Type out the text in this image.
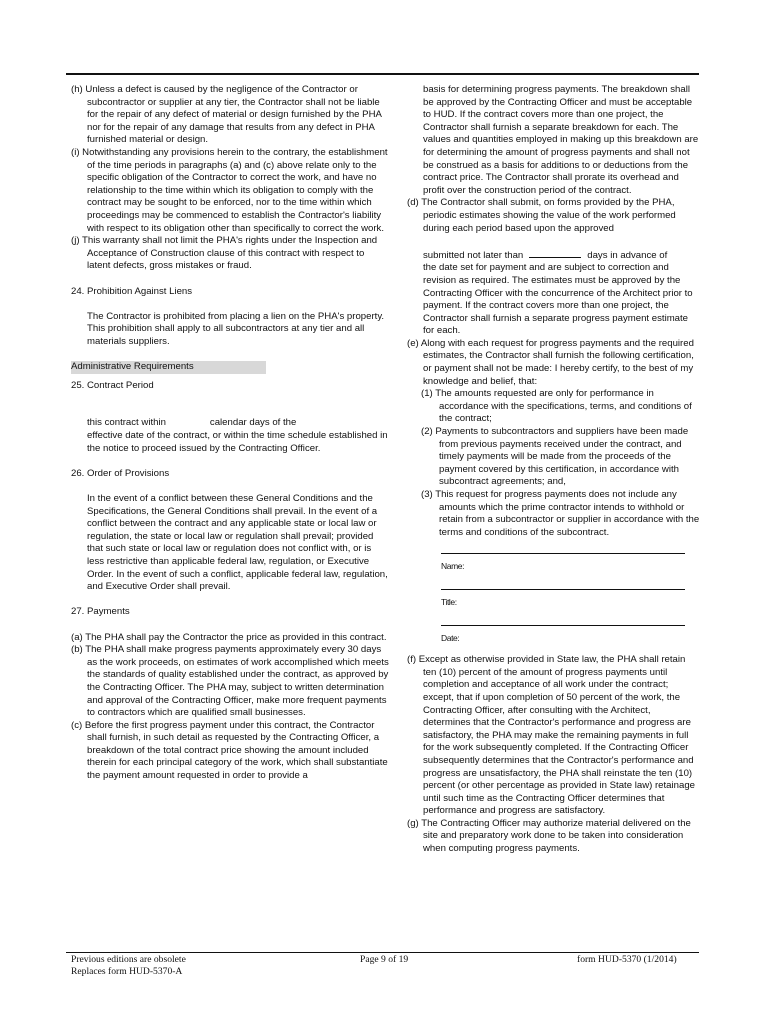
(h) Unless a defect is caused by the negligence of the Contractor or subcontractor or supplier at any tier, the Contractor shall not be liable for the repair of any defect of material or design furnished by the PHA nor for the repair of any damage that results from any defect in PHA furnished material or design.

(i) Notwithstanding any provisions herein to the contrary, the establishment of the time periods in paragraphs (a) and (c) above relate only to the specific obligation of the Contractor to correct the work, and have no relationship to the time within which its obligation to comply with the contract may be sought to be enforced, nor to the time within which proceedings may be commenced to establish the Contractor's liability with respect to its obligation other than specifically to correct the work.

(j) This warranty shall not limit the PHA's rights under the Inspection and Acceptance of Construction clause of this contract with respect to latent defects, gross mistakes or fraud.

24. Prohibition Against Liens

The Contractor is prohibited from placing a lien on the PHA's property. This prohibition shall apply to all subcontractors at any tier and all materials suppliers.

Administrative Requirements

25. Contract Period

this contract within	calendar days of the

effective date of the contract, or within the time schedule established in the notice to proceed issued by the Contracting Officer.

26. Order of Provisions

In the event of a conflict between these General Conditions and the Specifications, the General Conditions shall prevail. In the event of a conflict between the contract and any applicable state or local law or regulation, the state or local law or regulation shall prevail; provided that such state or local law or regulation does not conflict with, or is less restrictive than applicable federal law, regulation, or Executive Order. In the event of such a conflict, applicable federal law, regulation, and Executive Order shall prevail.

27. Payments

(a) The PHA shall pay the Contractor the price as provided in this contract.

(b) The PHA shall make progress payments approximately every 30 days as the work proceeds, on estimates of work accomplished which meets the standards of quality established under the contract, as approved by the Contracting Officer. The PHA may, subject to written determination and approval of the Contracting Officer, make more frequent payments to contractors which are qualified small businesses.

(c) Before the first progress payment under this contract, the Contractor shall furnish, in such detail as requested by the Contracting Officer, a breakdown of the total contract price showing the amount included therein for each principal category of the work, which shall substantiate the payment amount requested in order to provide a

basis for determining progress payments. The breakdown shall be approved by the Contracting Officer and must be acceptable to HUD. If the contract covers more than one project, the Contractor shall furnish a separate breakdown for each. The values and quantities employed in making up this breakdown are for determining the amount of progress payments and shall not be construed as a basis for additions to or deductions from the contract price. The Contractor shall prorate its overhead and profit over the construction period of the contract.

(d) The Contractor shall submit, on forms provided by the PHA, periodic estimates showing the value of the work performed during each period based upon the approved

submitted not later than	days in advance of

the date set for payment and are subject to correction and revision as required. The estimates must be approved by the Contracting Officer with the concurrence of the Architect prior to payment. If the contract covers more than one project, the Contractor shall furnish a separate progress payment estimate for each.

(e) Along with each request for progress payments and the required estimates, the Contractor shall furnish the following certification, or payment shall not be made: I hereby certify, to the best of my knowledge and belief, that:

(1) The amounts requested are only for performance in accordance with the specifications, terms, and conditions of the contract;

(2) Payments to subcontractors and suppliers have been made from previous payments received under the contract, and timely payments will be made from the proceeds of the payment covered by this certification, in accordance with subcontract agreements; and,

(3) This request for progress payments does not include any amounts which the prime contractor intends to withhold or retain from a subcontractor or supplier in accordance with the terms and conditions of the subcontract.

Name:
Title:
Date:

(f) Except as otherwise provided in State law, the PHA shall retain ten (10) percent of the amount of progress payments until completion and acceptance of all work under the contract; except, that if upon completion of 50 percent of the work, the Contracting Officer, after consulting with the Architect, determines that the Contractor's performance and progress are satisfactory, the PHA may make the remaining payments in full for the work subsequently completed. If the Contracting Officer subsequently determines that the Contractor's performance and progress are unsatisfactory, the PHA shall reinstate the ten (10) percent (or other percentage as provided in State law) retainage until such time as the Contracting Officer determines that performance and progress are satisfactory.

(g) The Contracting Officer may authorize material delivered on the site and preparatory work done to be taken into consideration when computing progress payments.

Previous editions are obsolete
Replaces form HUD-5370-A
Page 9 of 19	form HUD-5370 (1/2014)
